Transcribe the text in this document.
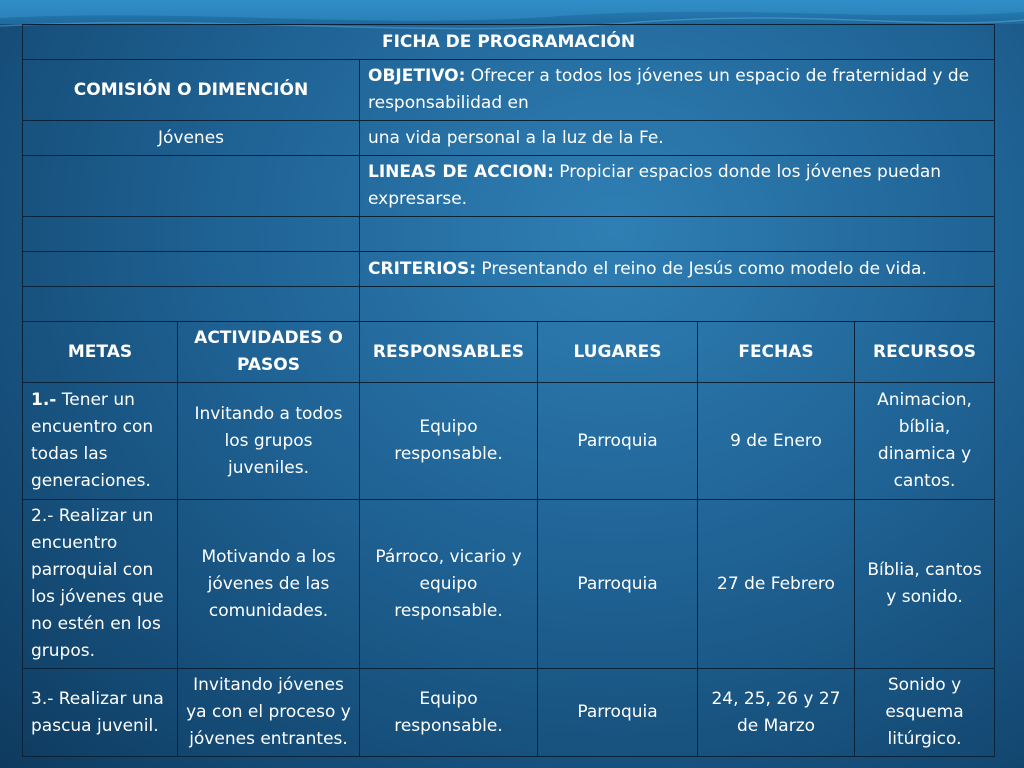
FICHA DE PROGRAMACIÓN					
COMISIÓN O DIMENCIÓN		OBJETIVO: Ofrecer a todos los jóvenes un espacio de fraternidad y de responsabilidad en			
Jóvenes		una vida personal a la luz de la Fe.			
		LINEAS DE ACCION: Propiciar espacios donde los jóvenes puedan expresarse.			

		CRITERIOS: Presentando el reino de Jesús como modelo de vida.			

METAS	ACTIVIDADES O PASOS	RESPONSABLES	LUGARES	FECHAS	RECURSOS
1.- Tener un encuentro con todas las generaciones.	Invitando a todos los grupos juveniles.	Equipo responsable.	Parroquia	9 de Enero	Animacion, bíblia, dinamica y cantos.
2.- Realizar un encuentro parroquial con los jóvenes que no estén en los grupos.	Motivando a los jóvenes de las comunidades.	Párroco, vicario y equipo responsable.	Parroquia	27 de Febrero	Bíblia, cantos y sonido.
3.- Realizar una pascua juvenil.	Invitando jóvenes ya con el proceso y jóvenes entrantes.	Equipo responsable.	Parroquia	24, 25, 26 y 27 de Marzo	Sonido y esquema litúrgico.
